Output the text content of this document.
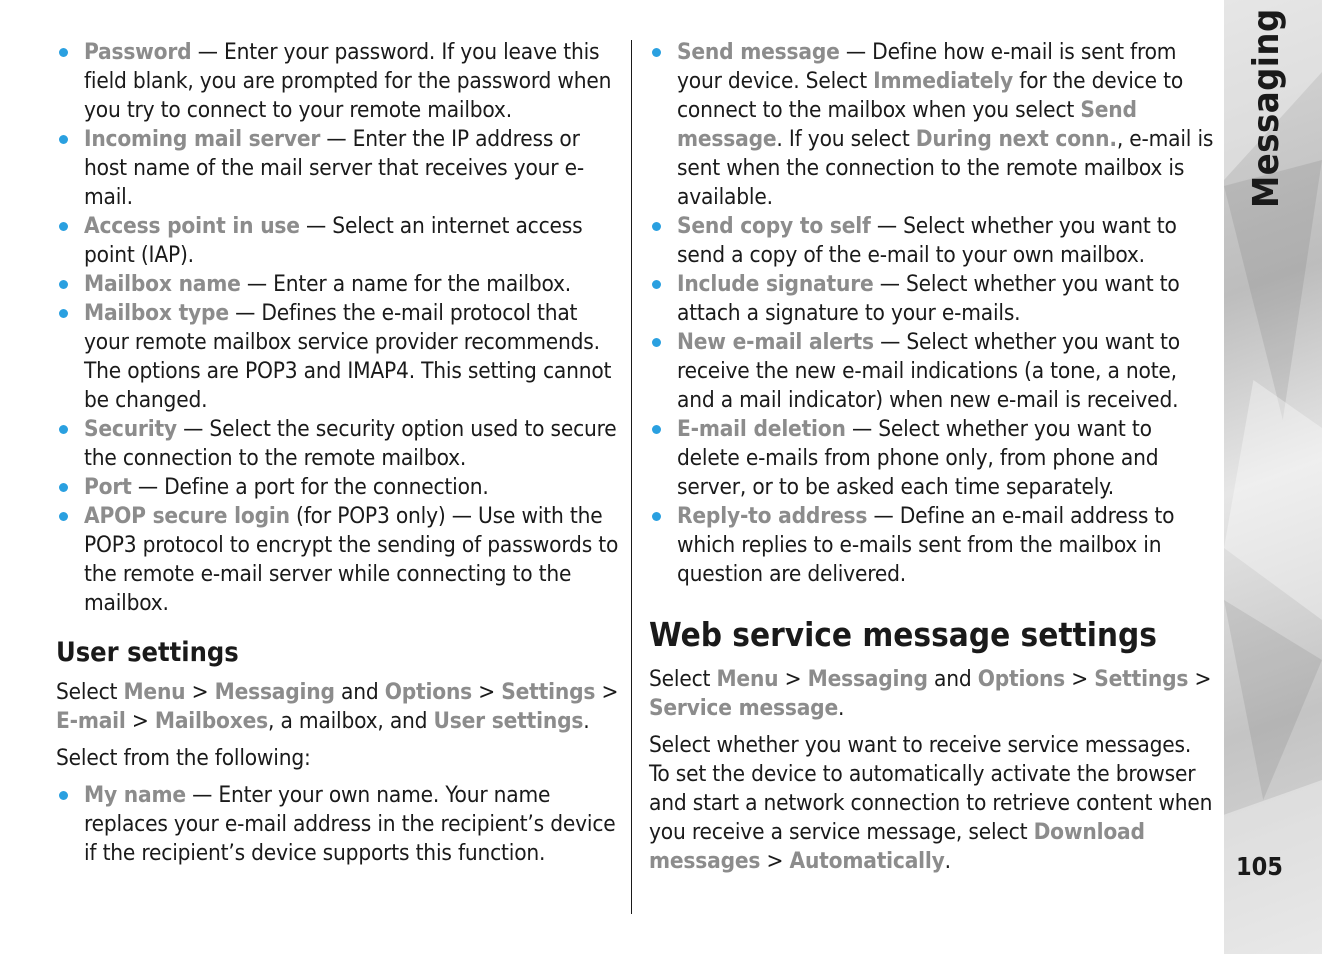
Password — Enter your password. If you leave this field blank, you are prompted for the password when you try to connect to your remote mailbox.
Incoming mail server — Enter the IP address or host name of the mail server that receives your e-mail.
Access point in use — Select an internet access point (IAP).
Mailbox name — Enter a name for the mailbox.
Mailbox type — Defines the e-mail protocol that your remote mailbox service provider recommends. The options are POP3 and IMAP4. This setting cannot be changed.
Security — Select the security option used to secure the connection to the remote mailbox.
Port — Define a port for the connection.
APOP secure login (for POP3 only) — Use with the POP3 protocol to encrypt the sending of passwords to the remote e-mail server while connecting to the mailbox.
User settings

Select Menu > Messaging and Options > Settings > E-mail > Mailboxes, a mailbox, and User settings.

Select from the following:

My name — Enter your own name. Your name replaces your e-mail address in the recipient’s device if the recipient’s device supports this function.
Send message — Define how e-mail is sent from your device. Select Immediately for the device to connect to the mailbox when you select Send message. If you select During next conn., e-mail is sent when the connection to the remote mailbox is available.
Send copy to self — Select whether you want to send a copy of the e-mail to your own mailbox.
Include signature — Select whether you want to attach a signature to your e-mails.
New e-mail alerts — Select whether you want to receive the new e-mail indications (a tone, a note, and a mail indicator) when new e-mail is received.
E-mail deletion — Select whether you want to delete e-mails from phone only, from phone and server, or to be asked each time separately.
Reply-to address — Define an e-mail address to which replies to e-mails sent from the mailbox in question are delivered.
Web service message settings

Select Menu > Messaging and Options > Settings > Service message.

Select whether you want to receive service messages. To set the device to automatically activate the browser and start a network connection to retrieve content when you receive a service message, select Download messages > Automatically.

Messaging
105
